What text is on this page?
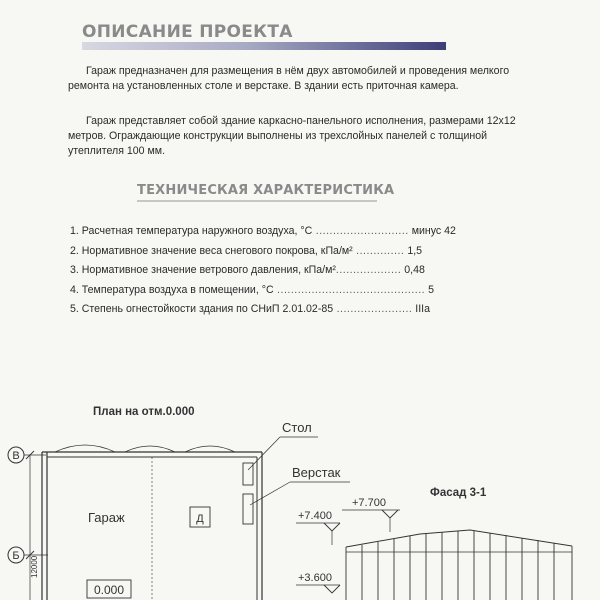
ОПИСАНИЕ ПРОЕКТА

Гараж предназначен для размещения в нём двух автомобилей и проведения мелкого ремонта на установленных столе и верстаке. В здании есть приточная камера.

Гараж представляет собой здание каркасно-панельного исполнения, размерами 12х12 метров. Ограждающие конструкции выполнены из трехслойных панелей с толщиной утеплителя 100 мм.

ТЕХНИЧЕСКАЯ ХАРАКТЕРИСТИКА
1. Расчетная температура наружного воздуха, °С ........................... минус 42
2. Нормативное значение веса снегового покрова, кПа/м² .............. 1,5
3. Нормативное значение ветрового давления, кПа/м²................... 0,48
4. Температура воздуха в помещении, °С ........................................... 5
5. Степень огнестойкости здания по СНиП 2.01.02-85 ...................... IIIa
План на отм.0.000
Фасад 3-1
В
Б 12000
Гараж	Д
0.000
Стол
Верстак
+7.700
+7.400
+3.600
